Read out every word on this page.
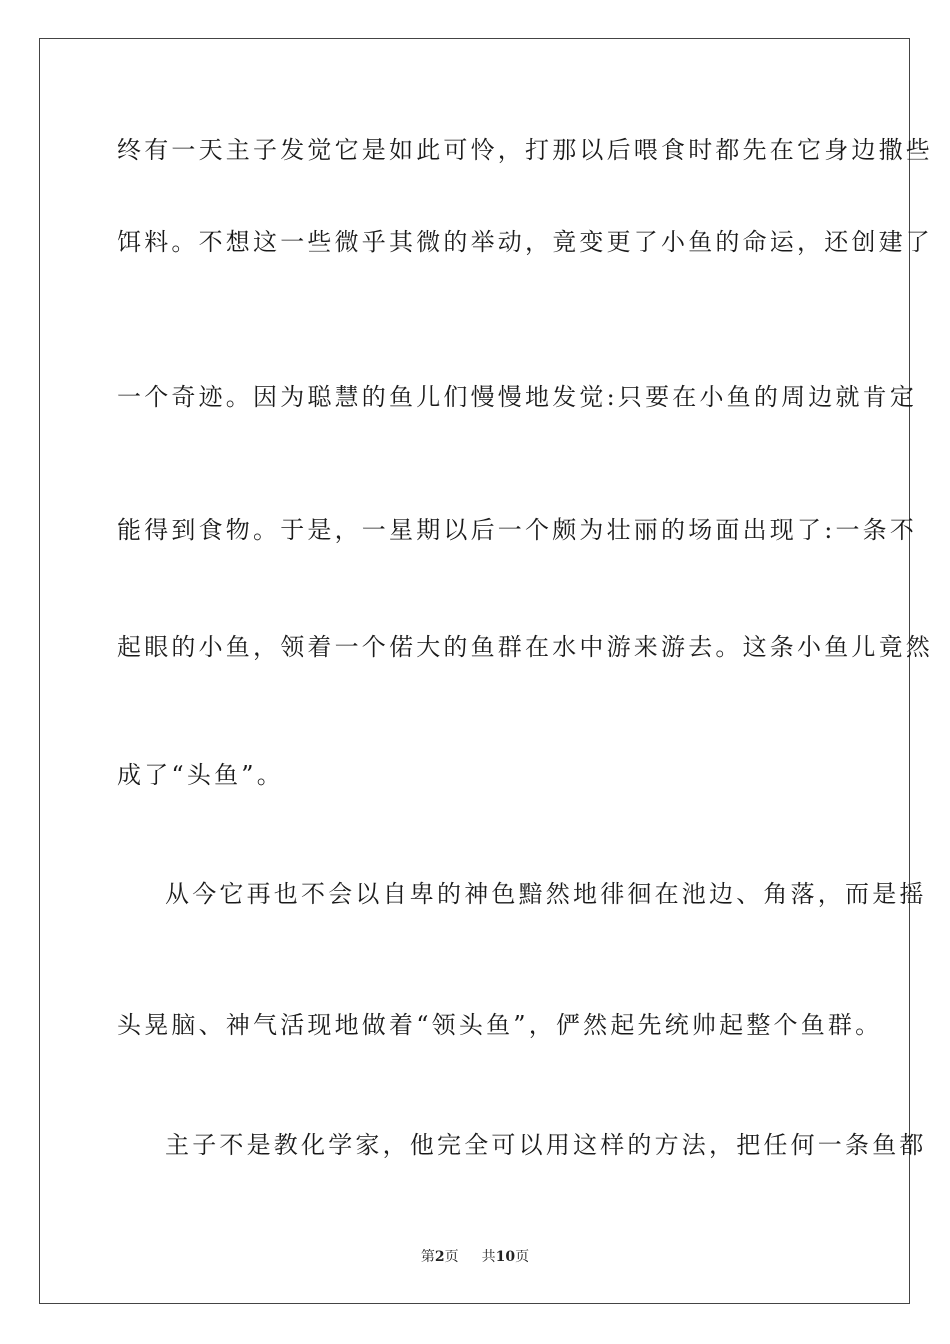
终有一天主子发觉它是如此可怜，打那以后喂食时都先在它身边撒些
饵料。不想这一些微乎其微的举动，竟变更了小鱼的命运，还创建了
一个奇迹。因为聪慧的鱼儿们慢慢地发觉:只要在小鱼的周边就肯定
能得到食物。于是，一星期以后一个颇为壮丽的场面出现了:一条不
起眼的小鱼，领着一个偌大的鱼群在水中游来游去。这条小鱼儿竟然
成了“头鱼”。
从今它再也不会以自卑的神色黯然地徘徊在池边、角落，而是摇
头晃脑、神气活现地做着“领头鱼”，俨然起先统帅起整个鱼群。
主子不是教化学家，他完全可以用这样的方法，把任何一条鱼都
第2页 共10页
